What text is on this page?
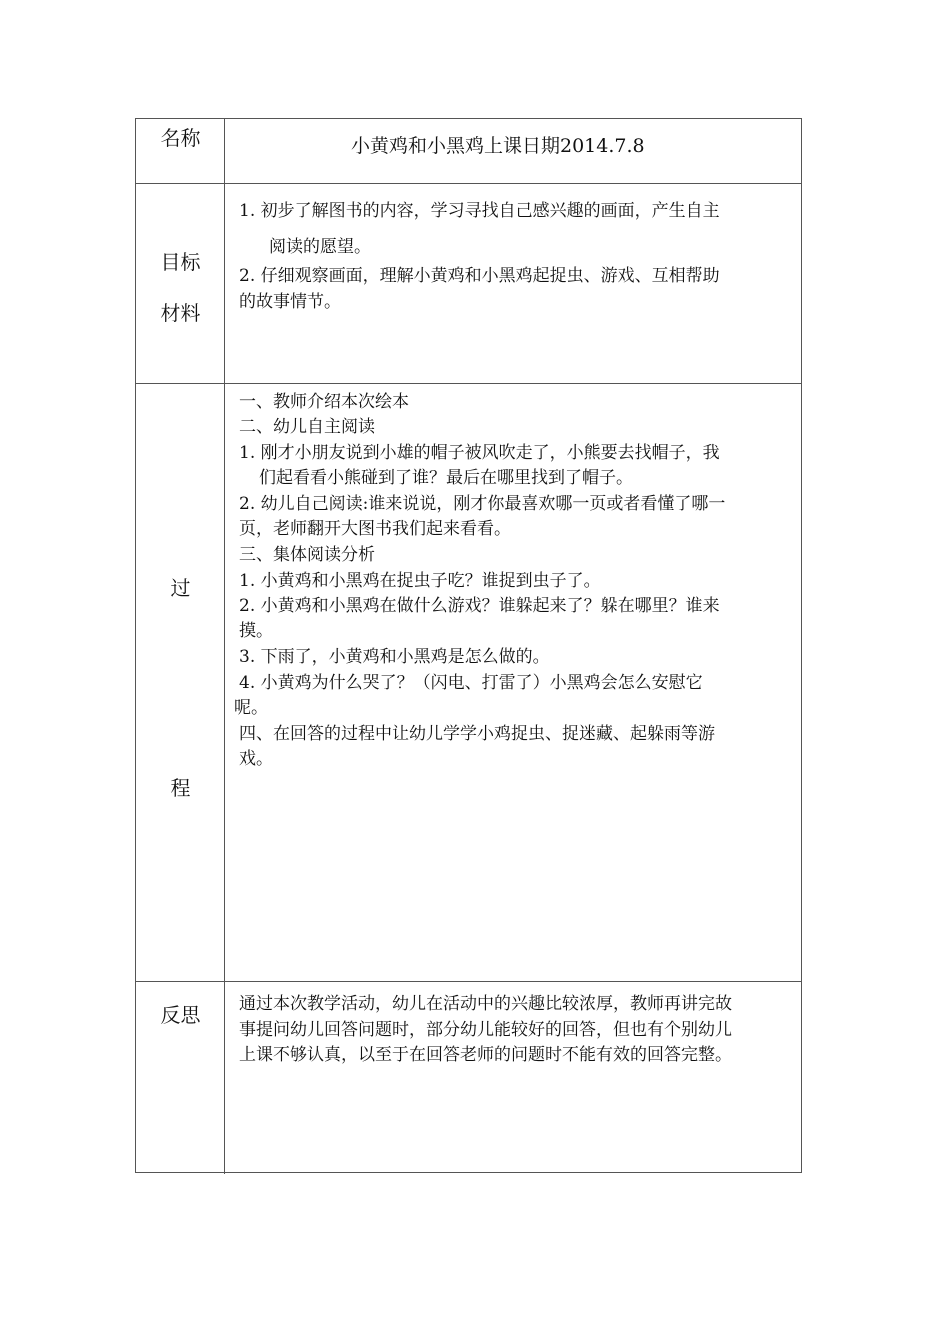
名称	小黄鸡和小黑鸡上课日期2014.7.8
目标
材料
1. 初步了解图书的内容，学习寻找自己感兴趣的画面，产生自主
阅读的愿望。
2. 仔细观察画面，理解小黄鸡和小黑鸡起捉虫、游戏、互相帮助
的故事情节。
过
程
一、教师介绍本次绘本
二、幼儿自主阅读
1. 刚才小朋友说到小雄的帽子被风吹走了，小熊要去找帽子，我
们起看看小熊碰到了谁？最后在哪里找到了帽子。
2. 幼儿自己阅读:谁来说说，刚才你最喜欢哪一页或者看懂了哪一
页，老师翻开大图书我们起来看看。
三、集体阅读分析
1. 小黄鸡和小黑鸡在捉虫子吃？谁捉到虫子了。
2. 小黄鸡和小黑鸡在做什么游戏？谁躲起来了？躲在哪里？谁来
摸。
3. 下雨了，小黄鸡和小黑鸡是怎么做的。
4. 小黄鸡为什么哭了？（闪电、打雷了）小黑鸡会怎么安慰它
呢。
四、在回答的过程中让幼儿学学小鸡捉虫、捉迷藏、起躲雨等游
戏。
反思	通过本次教学活动，幼儿在活动中的兴趣比较浓厚，教师再讲完故
事提问幼儿回答问题时，部分幼儿能较好的回答，但也有个别幼儿
上课不够认真，以至于在回答老师的问题时不能有效的回答完整。
